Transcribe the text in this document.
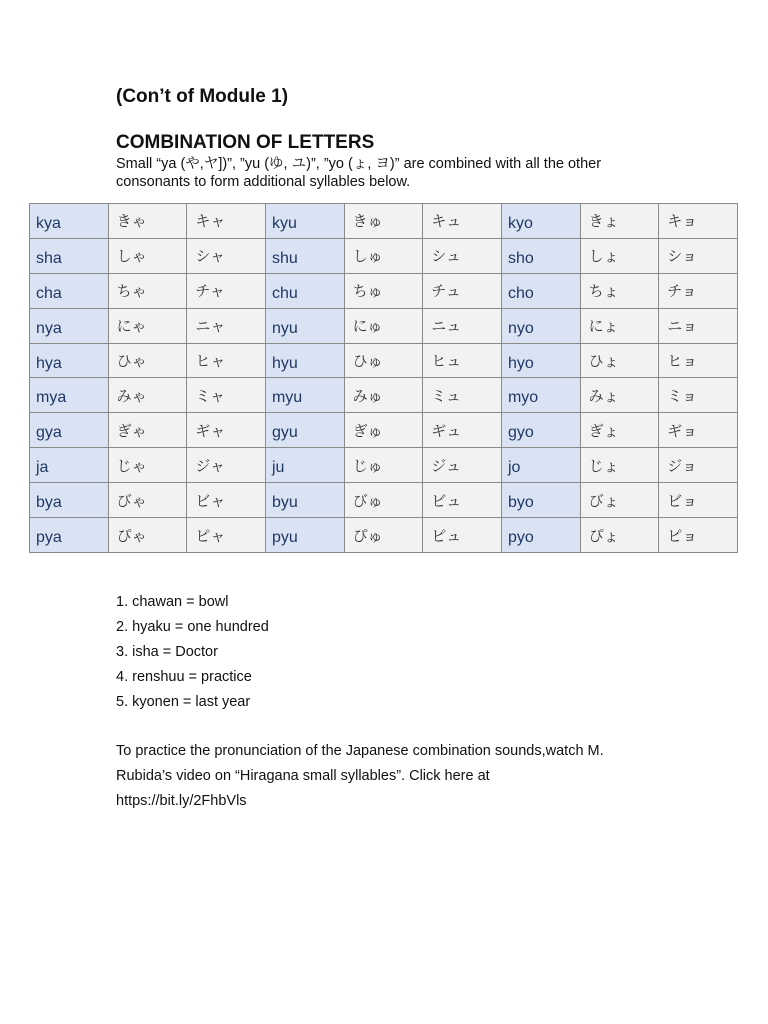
(Con’t of Module 1)
COMBINATION OF LETTERS

Small “ya (や,ヤ])”, ”yu (ゆ, ユ)”, ”yo (ょ, ヨ)” are combined with all the other

consonants to form additional syllables below.

kya	きゃ	キャ	kyu	きゅ	キュ	kyo	きょ	キョ
sha	しゃ	シャ	shu	しゅ	シュ	sho	しょ	ショ
cha	ちゃ	チャ	chu	ちゅ	チュ	cho	ちょ	チョ
nya	にゃ	ニャ	nyu	にゅ	ニュ	nyo	にょ	ニョ
hya	ひゃ	ヒャ	hyu	ひゅ	ヒュ	hyo	ひょ	ヒョ
mya	みゃ	ミャ	myu	みゅ	ミュ	myo	みょ	ミョ
gya	ぎゃ	ギャ	gyu	ぎゅ	ギュ	gyo	ぎょ	ギョ
ja	じゃ	ジャ	ju	じゅ	ジュ	jo	じょ	ジョ
bya	びゃ	ビャ	byu	びゅ	ビュ	byo	びょ	ビョ
pya	ぴゃ	ピャ	pyu	ぴゅ	ピュ	pyo	ぴょ	ピョ
1. chawan = bowl
2. hyaku = one hundred
3. isha = Doctor
4. renshuu = practice
5. kyonen = last year
To practice the pronunciation of the Japanese combination sounds,watch M.
Rubida’s video on “Hiragana small syllables”. Click here at
https://bit.ly/2FhbVls
